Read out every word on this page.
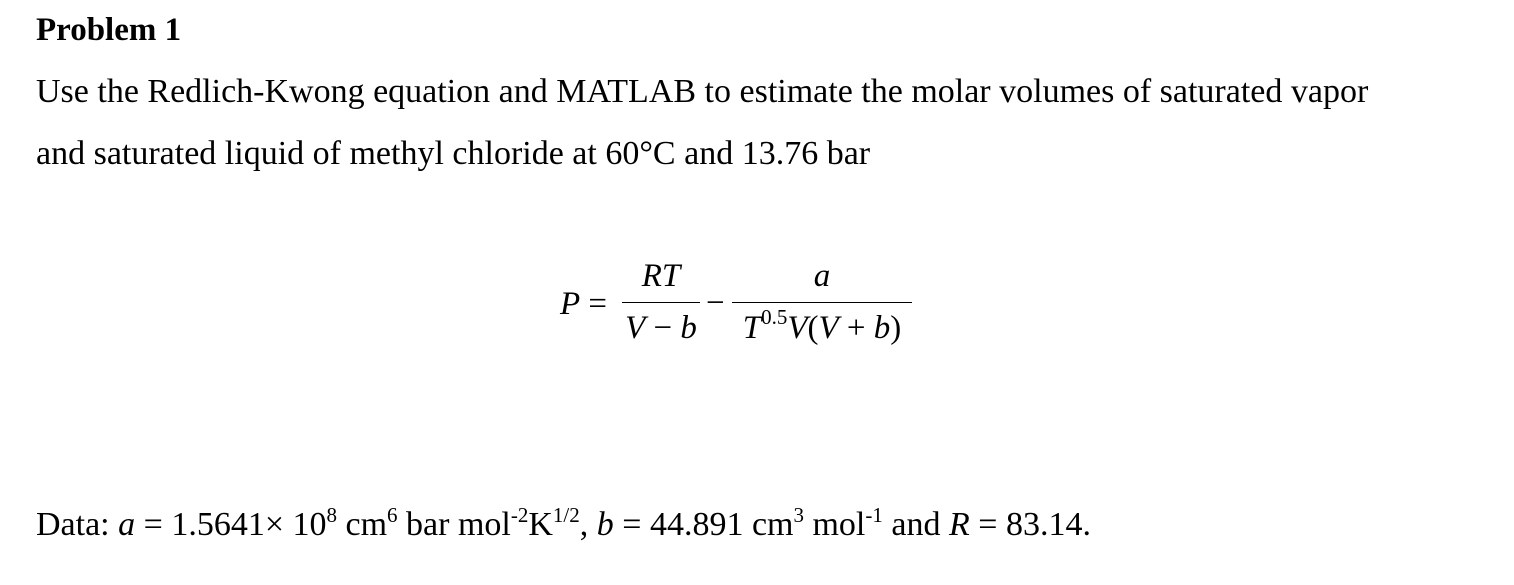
Problem 1
Use the Redlich-Kwong equation and MATLAB to estimate the molar volumes of saturated vapor
and saturated liquid of methyl chloride at 60°C and 13.76 bar
P =
RT
V − b
−
a
$T^{0.5}V(V + b)$
Data: $a = 1.5641\times 10^8$ $cm^6$ bar $mol^{-2}K^{1/2}$, b = 44.891 $cm^3$ mol$^{-1}$ and R = 83.14.
